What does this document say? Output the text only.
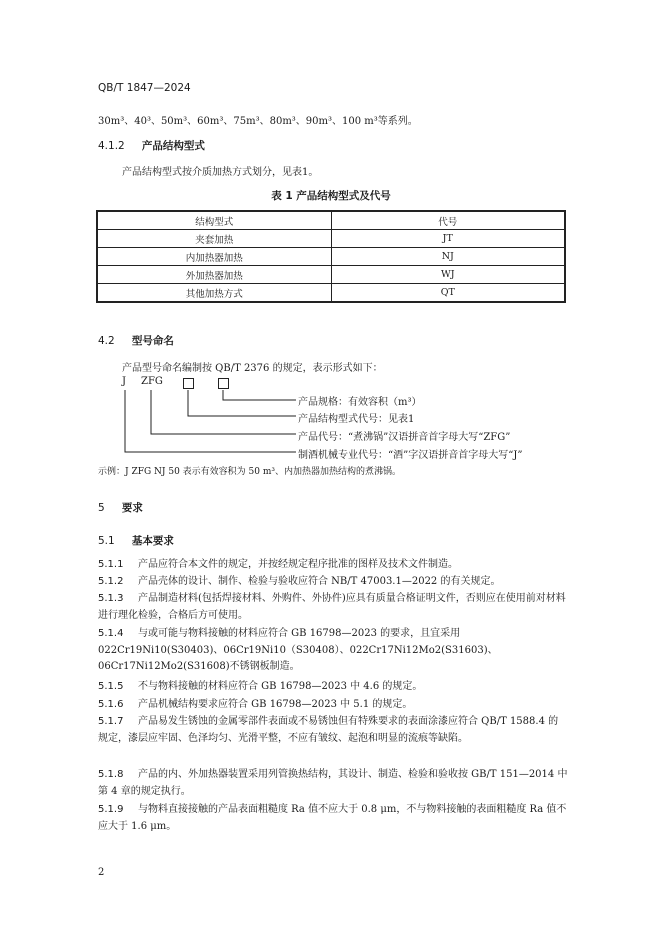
QB/T 1847—2024
30m³、40³、50m³、60m³、75m³、80m³、90m³、100 m³等系列。
4.1.2 产品结构型式
产品结构型式按介质加热方式划分，见表1。
表 1 产品结构型式及代号
结构型式	代号
夹套加热	JT
内加热器加热	NJ
外加热器加热	WJ
其他加热方式	QT
4.2 型号命名
产品型号命名编制按 QB/T 2376 的规定，表示形式如下：
J ZFG
产品规格：有效容积（m³）
产品结构型式代号：见表1
产品代号：“煮沸锅”汉语拼音首字母大写“ZFG”
制酒机械专业代号：“酒”字汉语拼音首字母大写“J”
示例：J ZFG NJ 50 表示有效容积为 50 m³、内加热器加热结构的煮沸锅。
5 要求
5.1 基本要求
5.1.1 产品应符合本文件的规定，并按经规定程序批准的图样及技术文件制造。
5.1.2 产品壳体的设计、制作、检验与验收应符合 NB/T 47003.1—2022 的有关规定。
5.1.3 产品制造材料(包括焊接材料、外购件、外协件)应具有质量合格证明文件，否则应在使用前对材料进行理化检验，合格后方可使用。
5.1.4 与或可能与物料接触的材料应符合 GB 16798—2023 的要求，且宜采用 022Cr19Ni10(S30403)、06Cr19Ni10（S30408）、022Cr17Ni12Mo2(S31603)、06Cr17Ni12Mo2(S31608)不锈钢板制造。
5.1.5 不与物料接触的材料应符合 GB 16798—2023 中 4.6 的规定。
5.1.6 产品机械结构要求应符合 GB 16798—2023 中 5.1 的规定。
5.1.7 产品易发生锈蚀的金属零部件表面或不易锈蚀但有特殊要求的表面涂漆应符合 QB/T 1588.4 的规定，漆层应牢固、色泽均匀、光滑平整，不应有皱纹、起泡和明显的流痕等缺陷。
5.1.8 产品的内、外加热器装置采用列管换热结构，其设计、制造、检验和验收按 GB/T 151—2014 中第 4 章的规定执行。
5.1.9 与物料直接接触的产品表面粗糙度 Ra 值不应大于 0.8 μm，不与物料接触的表面粗糙度 Ra 值不应大于 1.6 μm。
2
